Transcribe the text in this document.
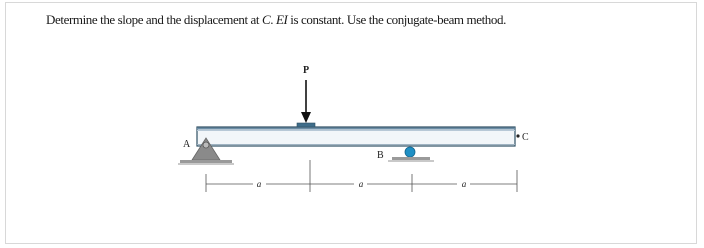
Determine the slope and the displacement at C. EI is constant. Use the conjugate-beam method.
P
A
B
C
a	a	a
